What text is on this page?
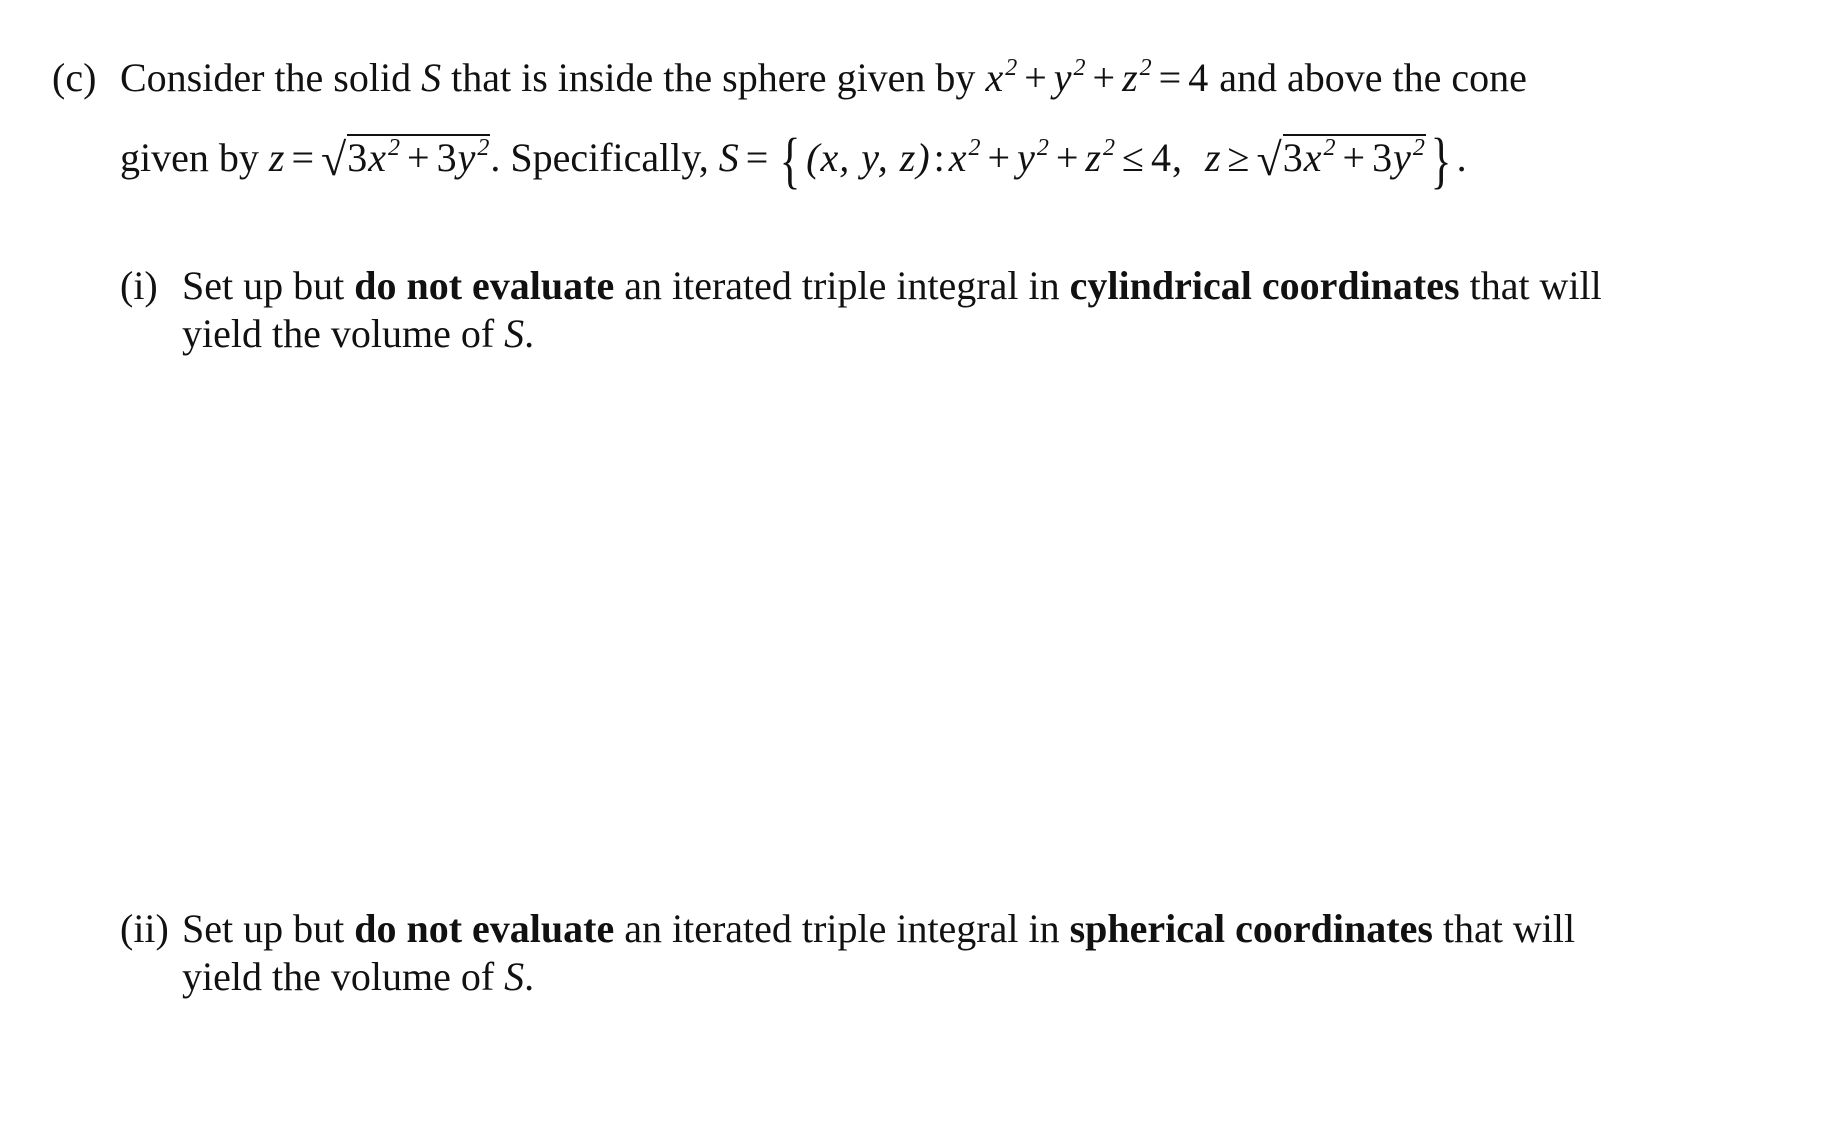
(c) Consider the solid S that is inside the sphere given by $x^2 + y^2 + z^2 = 4$ and above the cone
given by $z = √3x^2 + 3y^2$. Specifically, S = { (x, y, $z):x^2 + y^2 + z^2 \le 4$,  $z \ge √3x^2 + 3y^2$} .
(i) Set up but do not evaluate an iterated triple integral in cylindrical coordinates that will
yield the volume of S.
(ii) Set up but do not evaluate an iterated triple integral in spherical coordinates that will
yield the volume of S.
